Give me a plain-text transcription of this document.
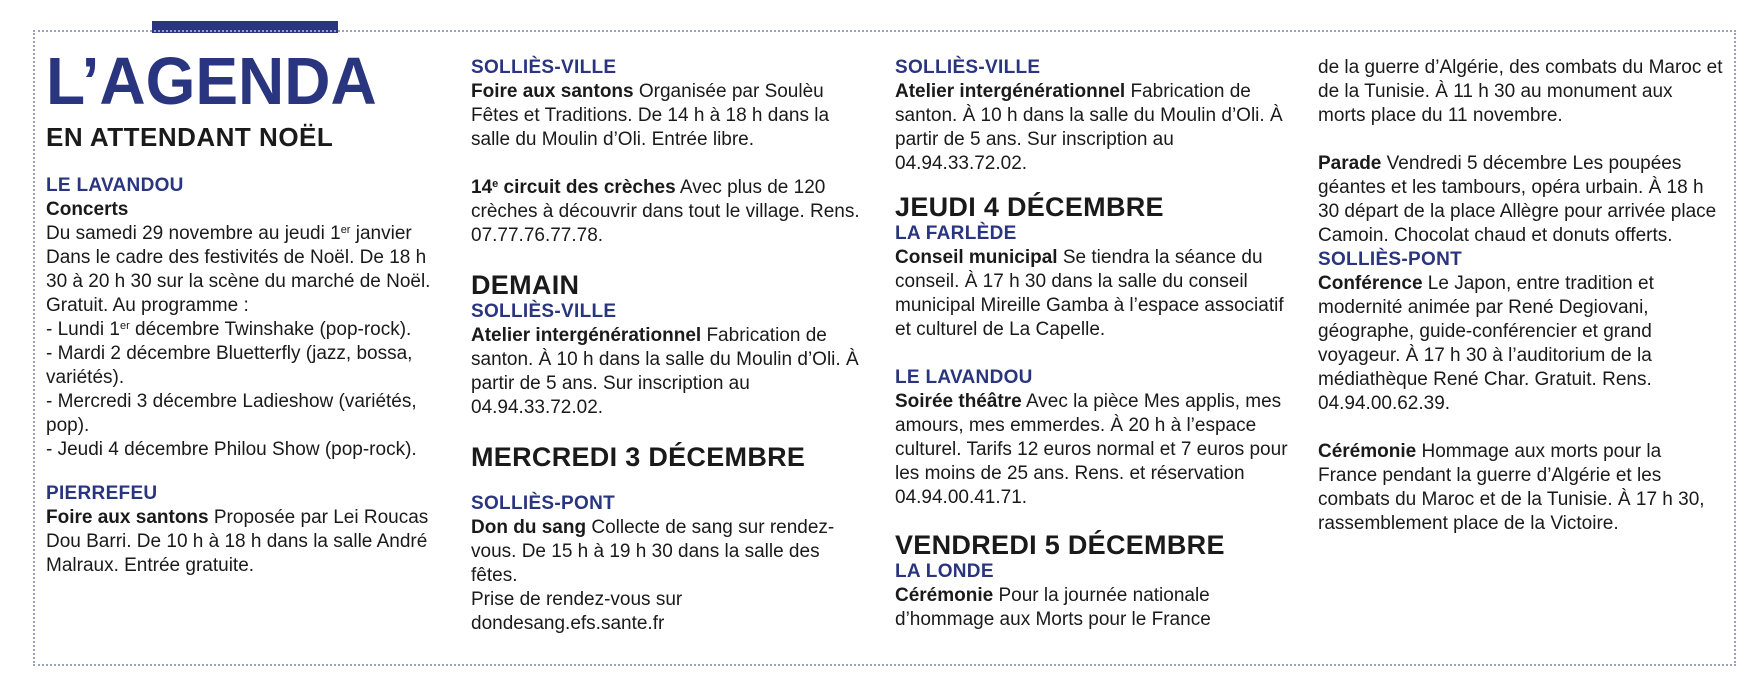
L’AGENDA
EN ATTENDANT NOËL
LE LAVANDOU

Concerts

Du samedi 29 novembre au jeudi 1er janvier Dans le cadre des festivités de Noël. De 18 h 30 à 20 h 30 sur la scène du marché de Noël. Gratuit. Au programme :

- Lundi 1er décembre Twinshake (pop-rock).

- Mardi 2 décembre Bluetterfly (jazz, bossa, variétés).

- Mercredi 3 décembre Ladieshow (variétés, pop).

- Jeudi 4 décembre Philou Show (pop-rock).

PIERREFEU
Foire aux santons Proposée par Lei Roucas Dou Barri. De 10 h à 18 h dans la salle André Malraux. Entrée gratuite.
SOLLIÈS-VILLE
Foire aux santons Organisée par Soulèu Fêtes et Traditions. De 14 h à 18 h dans la salle du Moulin d’Oli. Entrée libre.
14e circuit des crèches Avec plus de 120 crèches à découvrir dans tout le village. Rens. 07.77.76.77.78.
DEMAIN
SOLLIÈS-VILLE
Atelier intergénérationnel Fabrication de santon. À 10 h dans la salle du Moulin d’Oli. À partir de 5 ans. Sur inscription au 04.94.33.72.02.
MERCREDI 3 DÉCEMBRE
SOLLIÈS-PONT

Don du sang Collecte de sang sur rendez-vous. De 15 h à 19 h 30 dans la salle des fêtes.

Prise de rendez-vous sur dondesang.efs.sante.fr

SOLLIÈS-VILLE
Atelier intergénérationnel Fabrication de santon. À 10 h dans la salle du Moulin d’Oli. À partir de 5 ans. Sur inscription au 04.94.33.72.02.
JEUDI 4 DÉCEMBRE
LA FARLÈDE
Conseil municipal Se tiendra la séance du conseil. À 17 h 30 dans la salle du conseil municipal Mireille Gamba à l’espace associatif et culturel de La Capelle.
LE LAVANDOU
Soirée théâtre Avec la pièce Mes applis, mes amours, mes emmerdes. À 20 h à l’espace culturel. Tarifs 12 euros normal et 7 euros pour les moins de 25 ans. Rens. et réservation 04.94.00.41.71.
VENDREDI 5 DÉCEMBRE
LA LONDE
Cérémonie Pour la journée nationale d’hommage aux Morts pour le France
de la guerre d’Algérie, des combats du Maroc et de la Tunisie. À 11 h 30 au monument aux morts place du 11 novembre.
Parade Vendredi 5 décembre Les poupées géantes et les tambours, opéra urbain. À 18 h 30 départ de la place Allègre pour arrivée place Camoin. Chocolat chaud et donuts offerts.
SOLLIÈS-PONT
Conférence Le Japon, entre tradition et modernité animée par René Degiovani, géographe, guide-conférencier et grand voyageur. À 17 h 30 à l’auditorium de la médiathèque René Char. Gratuit. Rens. 04.94.00.62.39.
Cérémonie Hommage aux morts pour la France pendant la guerre d’Algérie et les combats du Maroc et de la Tunisie. À 17 h 30, rassemblement place de la Victoire.
